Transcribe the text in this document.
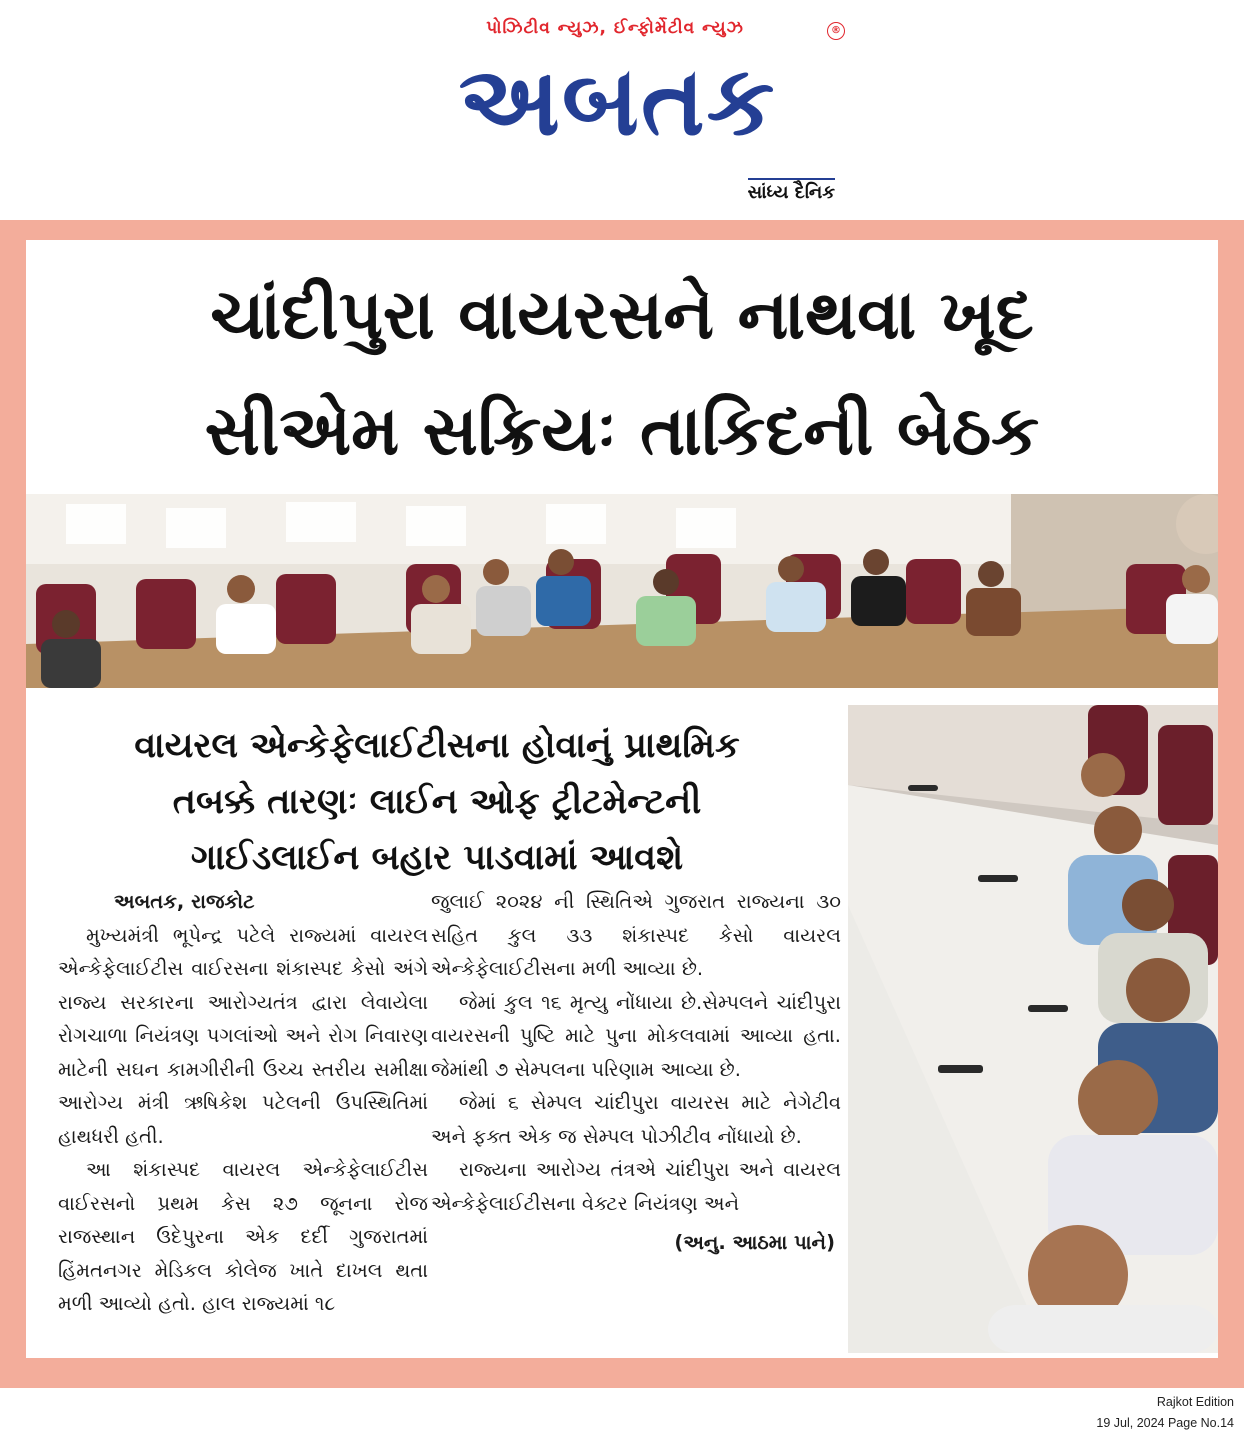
પોઝિટીવ ન્યુઝ, ઈન્ફોર્મેટીવ ન્યુઝ	®
અબતક
સાંધ્ય દૈનિક
ચાંદીપુરા વાયરસને નાથવા ખૂદ
સીએમ સક્રિયઃ તાકિદની બેઠક
વાયરલ એન્કેફેલાઈટીસના હોવાનું પ્રાથમિક
તબક્કે તારણઃ લાઈન ઓફ ટ્રીટમેન્ટની
ગાઈડલાઈન બહાર પાડવામાં આવશે
અબતક, રાજકોટ
મુખ્યમંત્રી ભૂપેન્દ્ર પટેલે રાજ્યમાં વાયરલ એન્કેફેલાઈટીસ વાઈરસના શંકાસ્પદ કેસો અંગે રાજ્ય સરકારના આરોગ્યતંત્ર દ્વારા લેવાયેલા રોગચાળા નિયંત્રણ પગલાંઓ અને રોગ નિવારણ માટેની સઘન કામગીરીની ઉચ્ચ સ્તરીય સમીક્ષા આરોગ્ય મંત્રી ઋષિકેશ પટેલની ઉપસ્થિતિમાં હાથધરી હતી.
આ શંકાસ્પદ વાયરલ એન્કેફેલાઈટીસ વાઈરસનો પ્રથમ કેસ ૨૭ જૂનના રોજ રાજસ્થાન ઉદેપુરના એક દર્દી ગુજરાતમાં હિંમતનગર મેડિકલ કોલેજ ખાતે દાખલ થતા મળી આવ્યો હતો. હાલ રાજ્યમાં ૧૮
જુલાઈ ૨૦૨૪ ની સ્થિતિએ ગુજરાત રાજ્યના ૩૦ સહિત કુલ ૩૩ શંકાસ્પદ કેસો વાયરલ એન્કેફેલાઈટીસના મળી આવ્યા છે.
જેમાં કુલ ૧૬ મૃત્યુ નોંધાયા છે.સેમ્પલને ચાંદીપુરા વાયરસની પુષ્ટિ માટે પુના મોકલવામાં આવ્યા હતા. જેમાંથી ૭ સેમ્પલના પરિણામ આવ્યા છે.
જેમાં ૬ સેમ્પલ ચાંદીપુરા વાયરસ માટે નેગેટીવ અને ફક્ત એક જ સેમ્પલ પોઝીટીવ નોંધાયો છે.
રાજ્યના આરોગ્ય તંત્રએ ચાંદીપુરા અને વાયરલ એન્કેફેલાઈટીસના વેક્ટર નિયંત્રણ અને
(અનુ. આઠમા પાને)
Rajkot Edition
19 Jul, 2024 Page No.14
